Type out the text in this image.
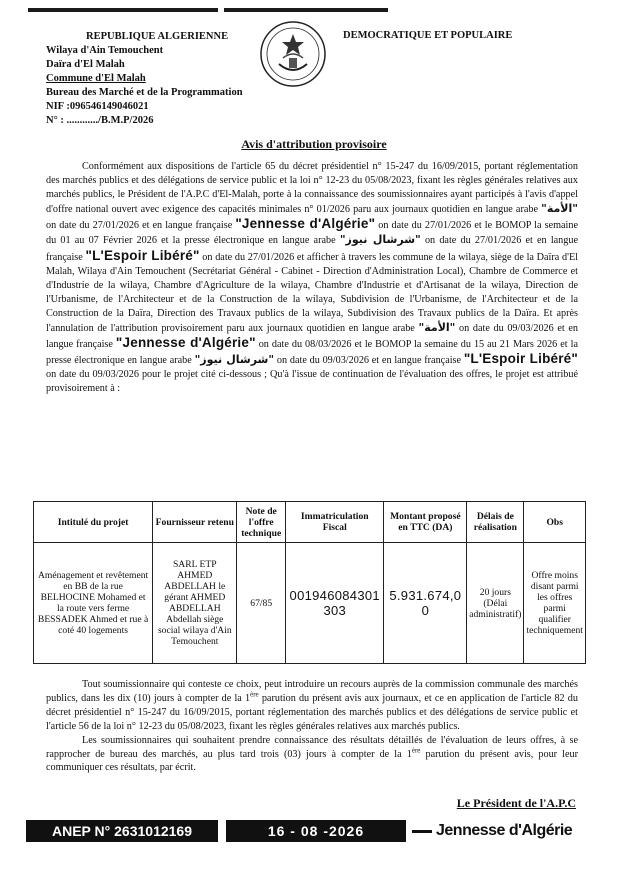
REPUBLIQUE ALGERIENNE
Wilaya d'Ain Temouchent
Daïra d'El Malah
Commune d'El Malah
Bureau des Marché et de la Programmation
NIF :096546149046021
N° : ............/B.M.P/2026
DEMOCRATIQUE ET POPULAIRE
Avis d'attribution provisoire

Conformément aux dispositions de l'article 65 du décret présidentiel n° 15-247 du 16/09/2015, portant réglementation des marchés publics et des délégations de service public et la loi n° 12-23 du 05/08/2023, fixant les règles générales relatives aux marchés publics, le Président de l'A.P.C d'El-Malah, porte à la connaissance des soumissionnaires ayant participés à l'avis d'appel d'offre national ouvert avec exigence des capacités minimales n° 01/2026 paru aux journaux quotidien en langue arabe "الأمة" on date du 27/01/2026 et en langue française "Jennesse d'Algérie" on date du 27/01/2026 et le BOMOP la semaine du 01 au 07 Février 2026 et la presse électronique en langue arabe "شرشال نيوز" on date du 27/01/2026 et en langue française "L'Espoir Libéré" on date du 27/01/2026 et afficher à travers les commune de la wilaya, siège de la Daïra d'El Malah, Wilaya d'Ain Temouchent (Secrétariat Général - Cabinet - Direction d'Administration Local), Chambre de Commerce et d'Industrie de la wilaya, Chambre d'Agriculture de la wilaya, Chambre d'Industrie et d'Artisanat de la wilaya, Direction de l'Urbanisme, de l'Architecteur et de la Construction de la wilaya, Subdivision de l'Urbanisme, de l'Architecteur et de la Construction de la Daïra, Direction des Travaux publics de la wilaya, Subdivision des Travaux publics de la Daïra. Et après l'annulation de l'attribution provisoirement paru aux journaux quotidien en langue arabe "الأمة" on date du 09/03/2026 et en langue française "Jennesse d'Algérie" on date du 08/03/2026 et le BOMOP la semaine du 15 au 21 Mars 2026 et la presse électronique en langue arabe "شرشال نيوز" on date du 09/03/2026 et en langue française "L'Espoir Libéré" on date du 09/03/2026 pour le projet cité ci-dessous ; Qu'à l'issue de continuation de l'évaluation des offres, le projet est attribué provisoirement à :

Intitulé du projet	Fournisseur retenu	Note de l'offre technique	Immatriculation Fiscal	Montant proposé en TTC (DA)	Délais de réalisation	Obs
Aménagement et revêtement en BB de la rue BELHOCINE Mohamed et la route vers ferme BESSADEK Ahmed et rue à coté 40 logements	SARL ETP AHMED ABDELLAH le gérant AHMED ABDELLAH Abdellah siège social wilaya d'Ain Temouchent	67/85	001946084301303	5.931.674,00	20 jours (Délai administratif)	Offre moins disant parmi les offres parmi qualifier techniquement

Tout soumissionnaire qui conteste ce choix, peut introduire un recours auprès de la commission communale des marchés publics, dans les dix (10) jours à compter de la 1ère parution du présent avis aux journaux, et ce en application de l'article 82 du décret présidentiel n° 15-247 du 16/09/2015, portant réglementation des marchés publics et des délégations de service public et l'article 56 de la loi n° 12-23 du 05/08/2023, fixant les règles générales relatives aux marchés publics.

Les soumissionnaires qui souhaitent prendre connaissance des résultats détaillés de l'évaluation de leurs offres, à se rapprocher de bureau des marchés, au plus tard trois (03) jours à compter de la 1ère parution du présent avis, pour leur communiquer ces résultats, par écrit.

Le Président de l'A.P.C
ANEP N° 2631012169	16 - 08 -2026	Jennesse d'Algérie
